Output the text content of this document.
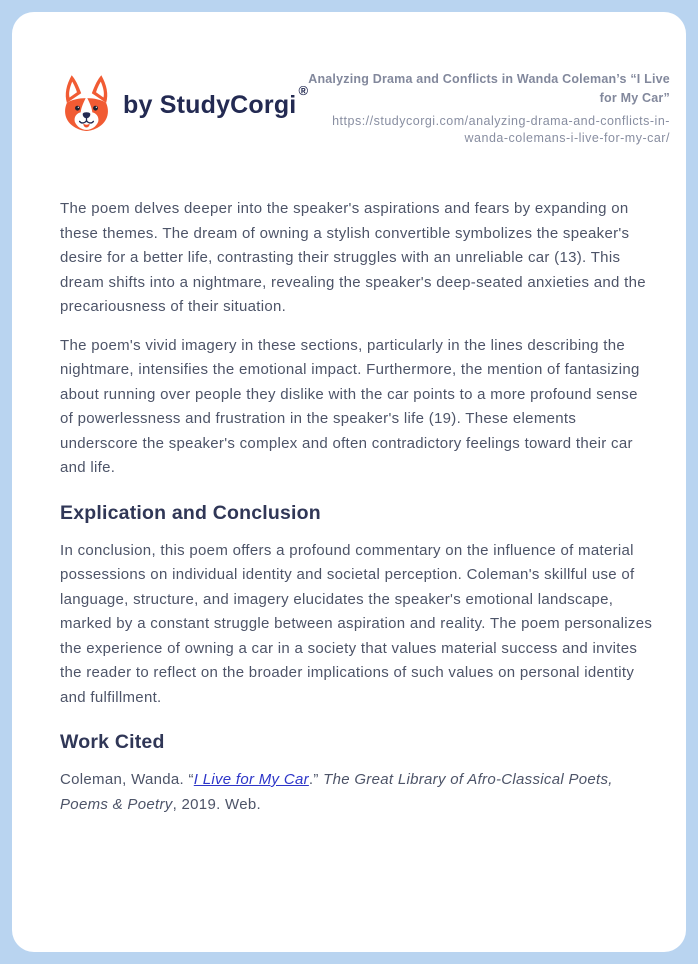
by StudyCorgi®
Analyzing Drama and Conflicts in Wanda Coleman’s “I Live
for My Car”
https://studycorgi.com/analyzing-drama-and-conflicts-in-
wanda-colemans-i-live-for-my-car/

The poem delves deeper into the speaker's aspirations and fears by expanding on these themes. The dream of owning a stylish convertible symbolizes the speaker's desire for a better life, contrasting their struggles with an unreliable car (13). This dream shifts into a nightmare, revealing the speaker's deep-seated anxieties and the precariousness of their situation.

The poem's vivid imagery in these sections, particularly in the lines describing the nightmare, intensifies the emotional impact. Furthermore, the mention of fantasizing about running over people they dislike with the car points to a more profound sense of powerlessness and frustration in the speaker's life (19). These elements underscore the speaker's complex and often contradictory feelings toward their car and life.

Explication and Conclusion

In conclusion, this poem offers a profound commentary on the influence of material possessions on individual identity and societal perception. Coleman's skillful use of language, structure, and imagery elucidates the speaker's emotional landscape, marked by a constant struggle between aspiration and reality. The poem personalizes the experience of owning a car in a society that values material success and invites the reader to reflect on the broader implications of such values on personal identity and fulfillment.

Work Cited

Coleman, Wanda. “I Live for My Car.” The Great Library of Afro-Classical Poets, Poems & Poetry, 2019. Web.
